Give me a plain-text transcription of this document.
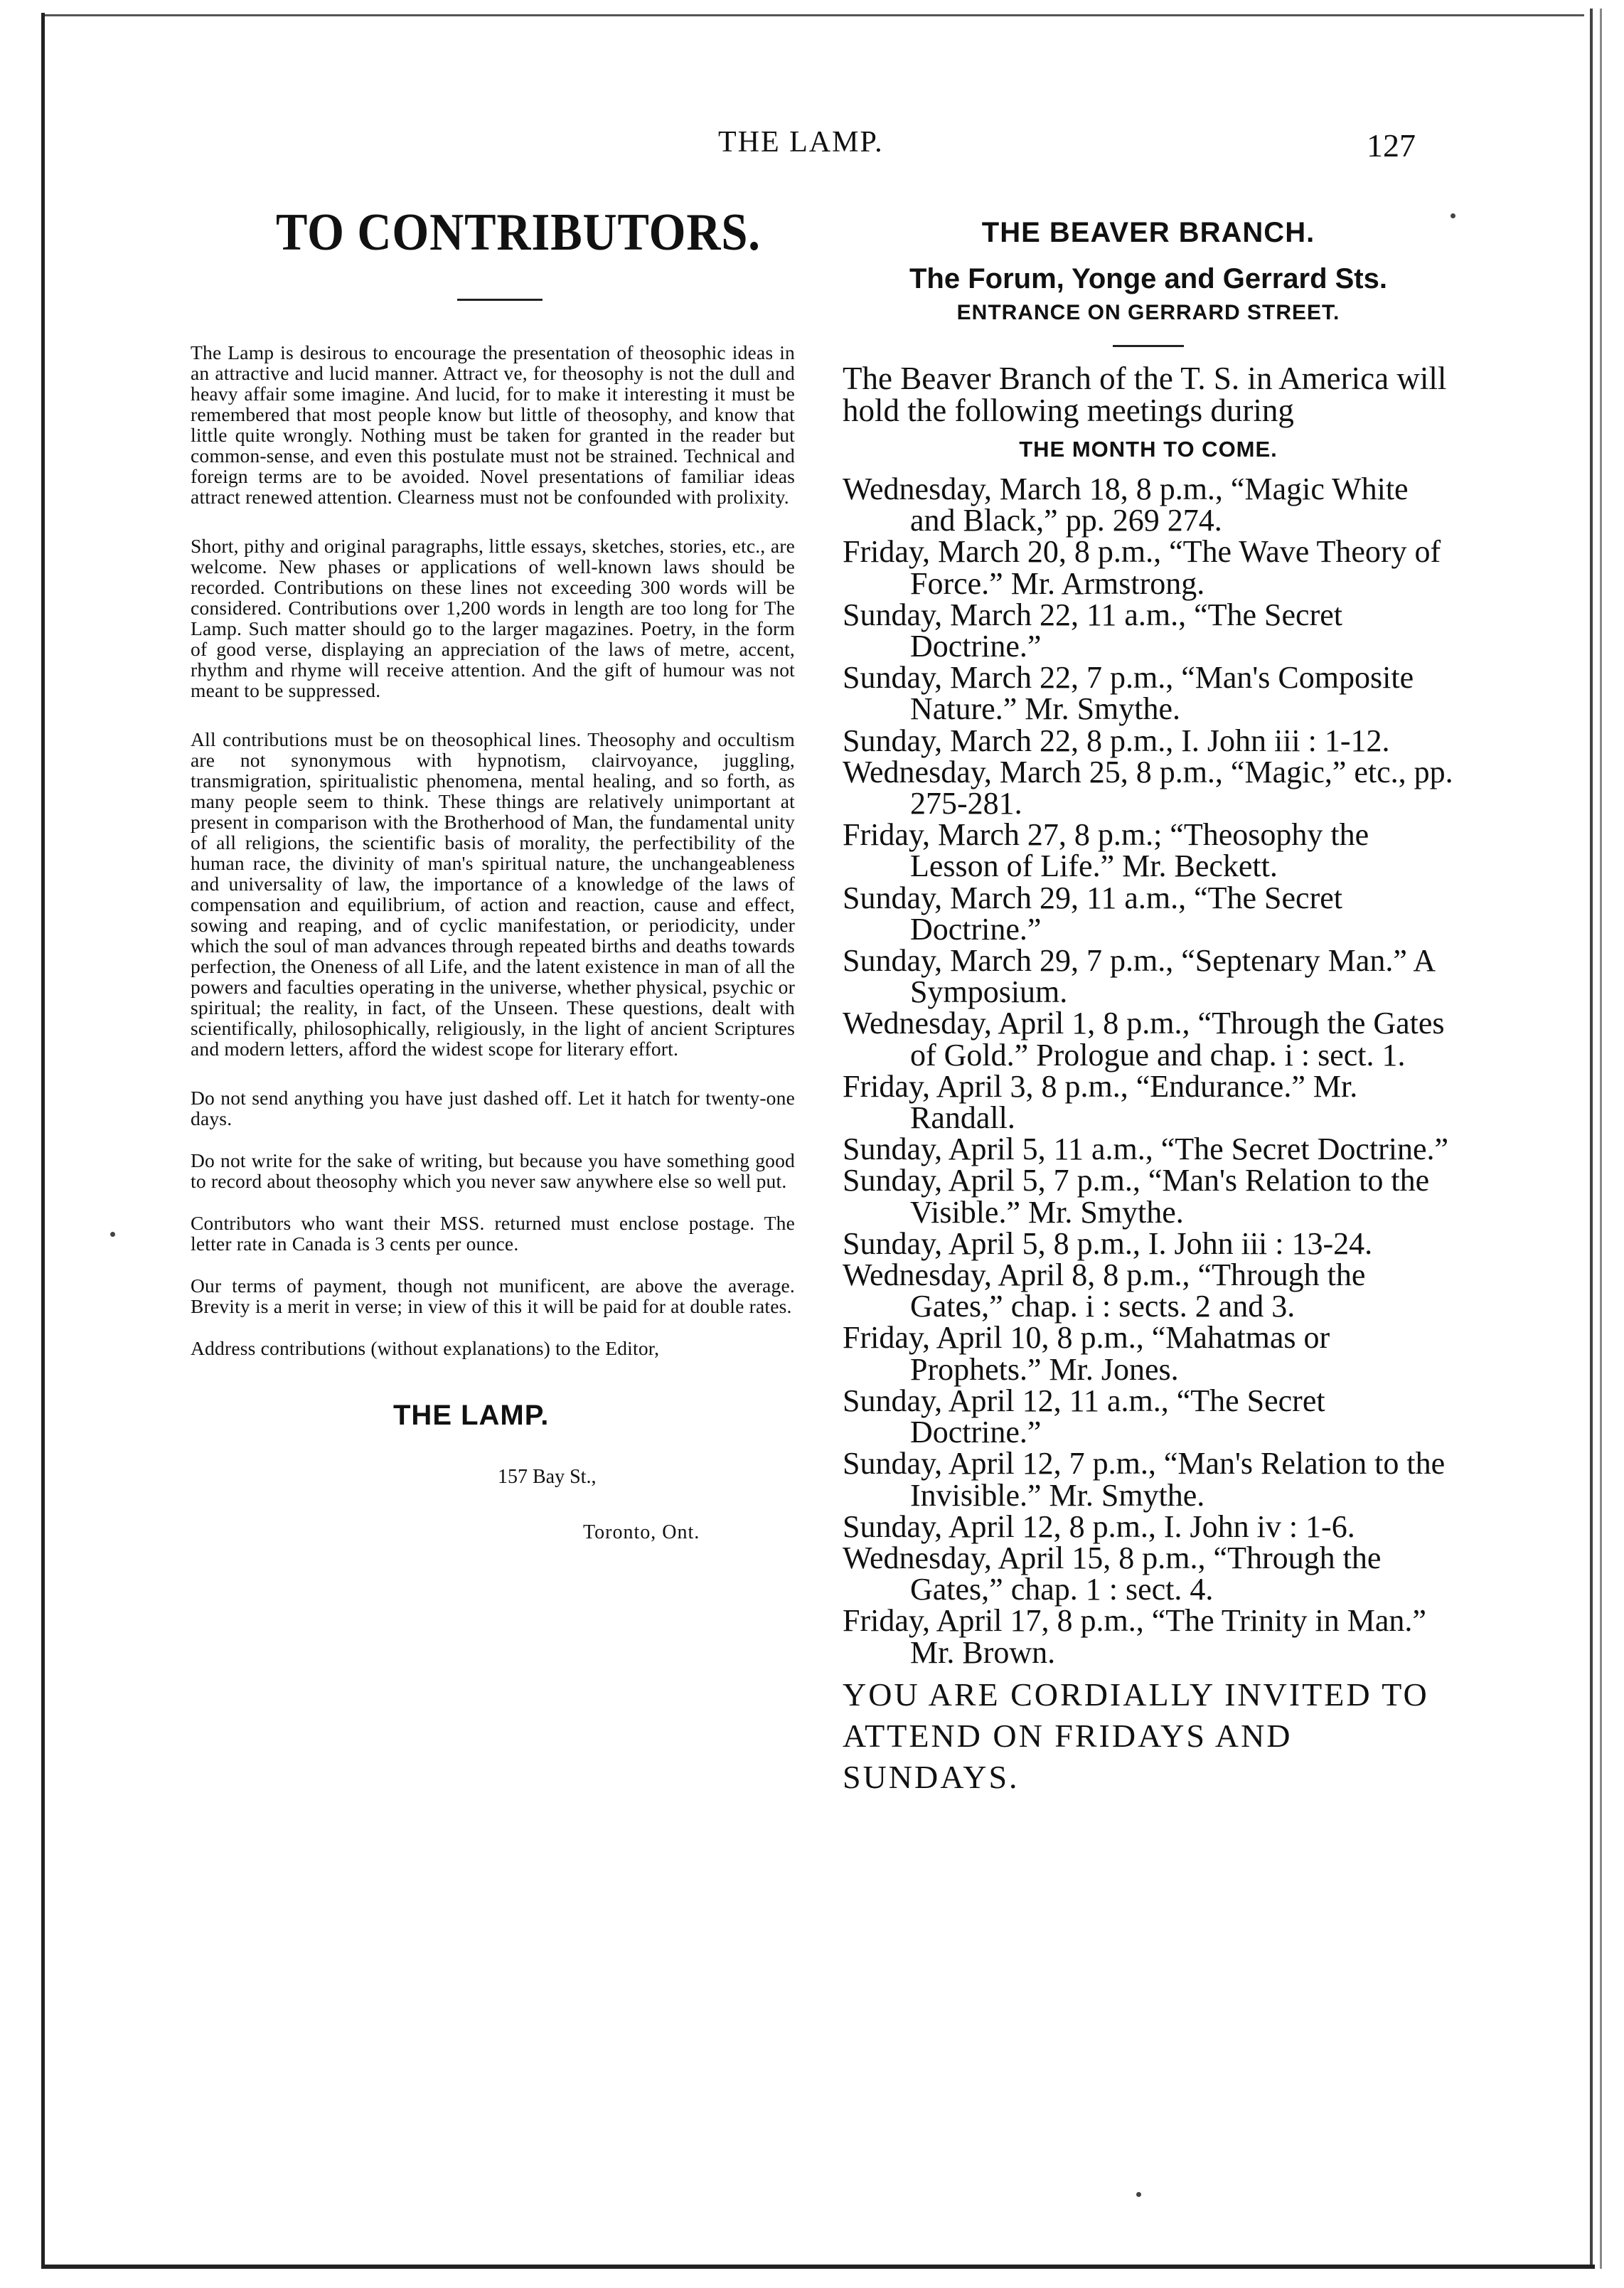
THE LAMP.	127
TO CONTRIBUTORS.

The Lamp is desirous to encourage the presentation of theosophic ideas in an attractive and lucid manner. Attract ve, for theosophy is not the dull and heavy affair some imagine. And lucid, for to make it interesting it must be remembered that most people know but little of theosophy, and know that little quite wrongly. Nothing must be taken for granted in the reader but common-sense, and even this postulate must not be strained. Technical and foreign terms are to be avoided. Novel presentations of familiar ideas attract renewed attention. Clearness must not be confounded with prolixity.

Short, pithy and original paragraphs, little essays, sketches, stories, etc., are welcome. New phases or applications of well-known laws should be recorded. Contributions on these lines not exceeding 300 words will be considered. Contributions over 1,200 words in length are too long for The Lamp. Such matter should go to the larger magazines. Poetry, in the form of good verse, displaying an appreciation of the laws of metre, accent, rhythm and rhyme will receive attention. And the gift of humour was not meant to be suppressed.

All contributions must be on theosophical lines. Theosophy and occultism are not synonymous with hypnotism, clairvoyance, juggling, transmigration, spiritualistic phenomena, mental healing, and so forth, as many people seem to think. These things are relatively unimportant at present in comparison with the Brotherhood of Man, the fundamental unity of all religions, the scientific basis of morality, the perfectibility of the human race, the divinity of man's spiritual nature, the unchangeableness and universality of law, the importance of a knowledge of the laws of compensation and equilibrium, of action and reaction, cause and effect, sowing and reaping, and of cyclic manifestation, or periodicity, under which the soul of man advances through repeated births and deaths towards perfection, the Oneness of all Life, and the latent existence in man of all the powers and faculties operating in the universe, whether physical, psychic or spiritual; the reality, in fact, of the Unseen. These questions, dealt with scientifically, philosophically, religiously, in the light of ancient Scriptures and modern letters, afford the widest scope for literary effort.

Do not send anything you have just dashed off. Let it hatch for twenty-one days.

Do not write for the sake of writing, but because you have something good to record about theosophy which you never saw anywhere else so well put.

Contributors who want their MSS. returned must enclose postage. The letter rate in Canada is 3 cents per ounce.

Our terms of payment, though not munificent, are above the average. Brevity is a merit in verse; in view of this it will be paid for at double rates.

Address contributions (without explanations) to the Editor,

THE LAMP.
157 Bay St.,
Toronto, Ont.
THE BEAVER BRANCH.
The Forum, Yonge and Gerrard Sts.
ENTRANCE ON GERRARD STREET.

The Beaver Branch of the T. S. in America will hold the following meetings during

THE MONTH TO COME.
Wednesday, March 18, 8 p.m., “Magic White and Black,” pp. 269 274.
Friday, March 20, 8 p.m., “The Wave Theory of Force.” Mr. Armstrong.
Sunday, March 22, 11 a.m., “The Secret Doctrine.”
Sunday, March 22, 7 p.m., “Man's Composite Nature.” Mr. Smythe.
Sunday, March 22, 8 p.m., I. John iii : 1-12.
Wednesday, March 25, 8 p.m., “Magic,” etc., pp. 275-281.
Friday, March 27, 8 p.m.; “Theosophy the Lesson of Life.” Mr. Beckett.
Sunday, March 29, 11 a.m., “The Secret Doctrine.”
Sunday, March 29, 7 p.m., “Septenary Man.” A Symposium.
Wednesday, April 1, 8 p.m., “Through the Gates of Gold.” Prologue and chap. i : sect. 1.
Friday, April 3, 8 p.m., “Endurance.” Mr. Randall.
Sunday, April 5, 11 a.m., “The Secret Doctrine.”
Sunday, April 5, 7 p.m., “Man's Relation to the Visible.” Mr. Smythe.
Sunday, April 5, 8 p.m., I. John iii : 13-24.
Wednesday, April 8, 8 p.m., “Through the Gates,” chap. i : sects. 2 and 3.
Friday, April 10, 8 p.m., “Mahatmas or Prophets.” Mr. Jones.
Sunday, April 12, 11 a.m., “The Secret Doctrine.”
Sunday, April 12, 7 p.m., “Man's Relation to the Invisible.” Mr. Smythe.
Sunday, April 12, 8 p.m., I. John iv : 1-6.
Wednesday, April 15, 8 p.m., “Through the Gates,” chap. 1 : sect. 4.
Friday, April 17, 8 p.m., “The Trinity in Man.” Mr. Brown.

YOU ARE CORDIALLY INVITED TO ATTEND ON FRIDAYS AND SUNDAYS.
